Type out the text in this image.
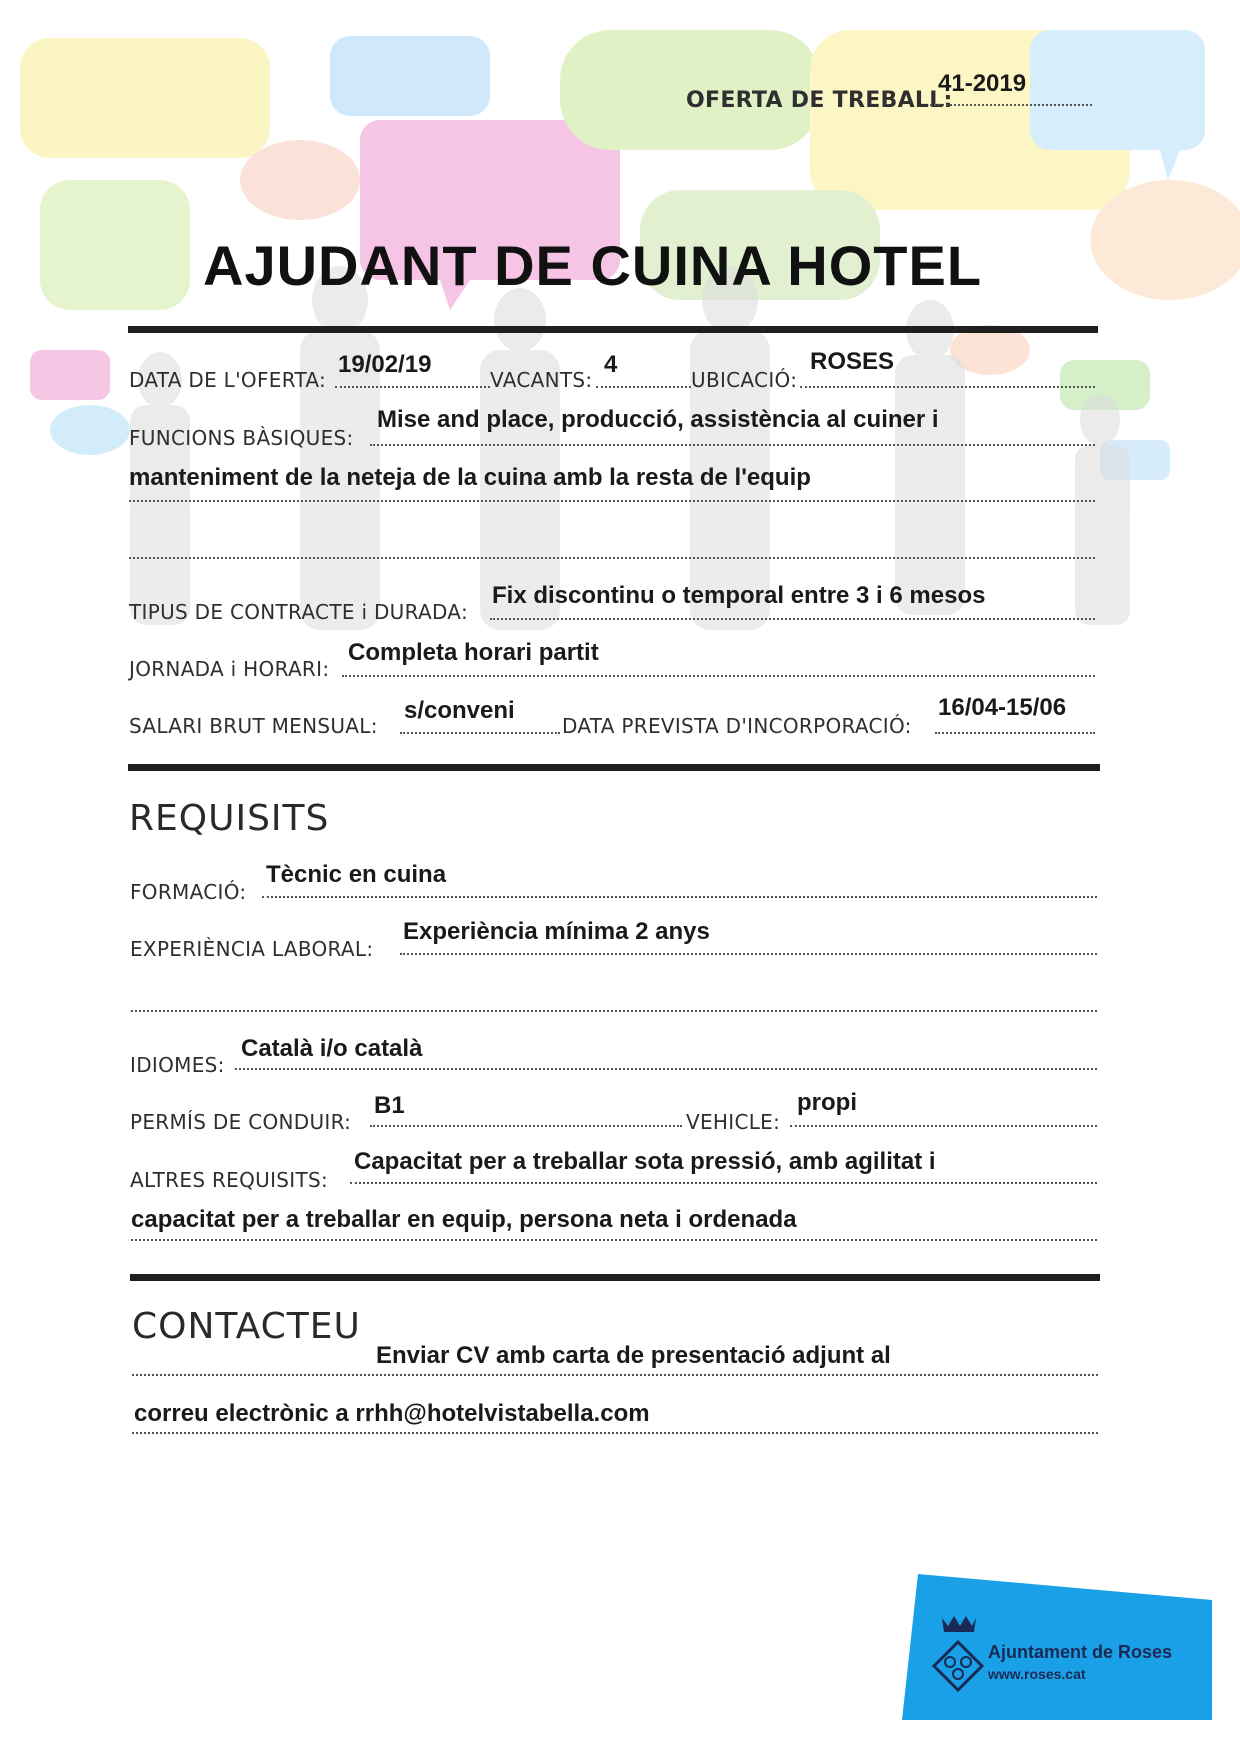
OFERTA DE TREBALL:
41-2019
AJUDANT DE CUINA HOTEL
DATA DE L'OFERTA:
19/02/19
VACANTS:
4
UBICACIÓ:
ROSES
FUNCIONS BÀSIQUES:
Mise and place, producció, assistència al cuiner i
manteniment de la neteja de la cuina amb la resta de l'equip
TIPUS DE CONTRACTE i DURADA:
Fix discontinu o temporal entre 3 i 6 mesos
JORNADA i HORARI:
Completa horari partit
SALARI BRUT MENSUAL:
s/conveni
DATA PREVISTA D'INCORPORACIÓ:
16/04-15/06
REQUISITS
FORMACIÓ:
Tècnic en cuina
EXPERIÈNCIA LABORAL:
Experiència mínima 2 anys
IDIOMES:
Català i/o català
PERMÍS DE CONDUIR:
B1
VEHICLE:
propi
ALTRES REQUISITS:
Capacitat per a treballar sota pressió, amb agilitat i
capacitat per a treballar en equip, persona neta i ordenada
CONTACTEU
Enviar CV amb carta de presentació adjunt al
correu electrònic a rrhh@hotelvistabella.com
Ajuntament de Roses
www.roses.cat
